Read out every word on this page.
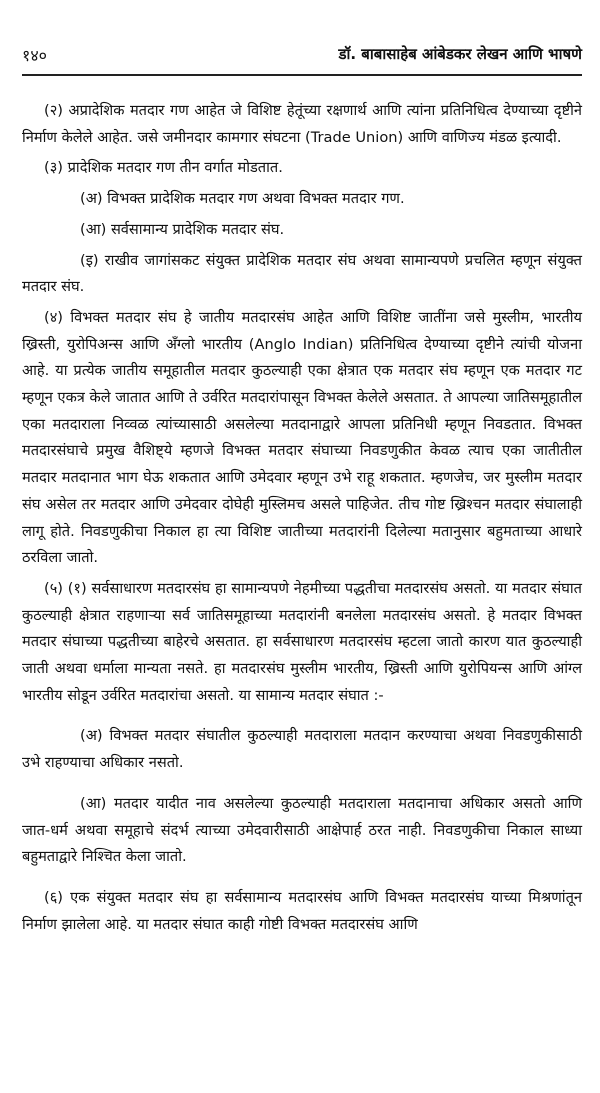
१४०	डॉ. बाबासाहेब आंबेडकर लेखन आणि भाषणे

(२) अप्रादेशिक मतदार गण आहेत जे विशिष्ट हेतूंच्या रक्षणार्थ आणि त्यांना प्रतिनिधित्व देण्याच्या दृष्टीने निर्माण केलेले आहेत. जसे जमीनदार कामगार संघटना (Trade Union) आणि वाणिज्य मंडळ इत्यादी.

(३) प्रादेशिक मतदार गण तीन वर्गात मोडतात.

(अ) विभक्त प्रादेशिक मतदार गण अथवा विभक्त मतदार गण.

(आ) सर्वसामान्य प्रादेशिक मतदार संघ.

(इ) राखीव जागांसकट संयुक्त प्रादेशिक मतदार संघ अथवा सामान्यपणे प्रचलित म्हणून संयुक्त मतदार संघ.

(४) विभक्त मतदार संघ हे जातीय मतदारसंघ आहेत आणि विशिष्ट जातींना जसे मुस्लीम, भारतीय ख्रिस्ती, युरोपिअन्स आणि अँग्लो भारतीय (Anglo Indian) प्रतिनिधित्व देण्याच्या दृष्टीने त्यांची योजना आहे. या प्रत्येक जातीय समूहातील मतदार कुठल्याही एका क्षेत्रात एक मतदार संघ म्हणून एक मतदार गट म्हणून एकत्र केले जातात आणि ते उर्वरित मतदारांपासून विभक्त केलेले असतात. ते आपल्या जातिसमूहातील एका मतदाराला निव्वळ त्यांच्यासाठी असलेल्या मतदानाद्वारे आपला प्रतिनिधी म्हणून निवडतात. विभक्त मतदारसंघाचे प्रमुख वैशिष्ट्ये म्हणजे विभक्त मतदार संघाच्या निवडणुकीत केवळ त्याच एका जातीतील मतदार मतदानात भाग घेऊ शकतात आणि उमेदवार म्हणून उभे राहू शकतात. म्हणजेच, जर मुस्लीम मतदार संघ असेल तर मतदार आणि उमेदवार दोघेही मुस्लिमच असले पाहिजेत. तीच गोष्ट ख्रिश्चन मतदार संघालाही लागू होते. निवडणुकीचा निकाल हा त्या विशिष्ट जातीच्या मतदारांनी दिलेल्या मतानुसार बहुमताच्या आधारे ठरविला जातो.

(५) (१) सर्वसाधारण मतदारसंघ हा सामान्यपणे नेहमीच्या पद्धतीचा मतदारसंघ असतो. या मतदार संघात कुठल्याही क्षेत्रात राहणाऱ्या सर्व जातिसमूहाच्या मतदारांनी बनलेला मतदारसंघ असतो. हे मतदार विभक्त मतदार संघाच्या पद्धतीच्या बाहेरचे असतात. हा सर्वसाधारण मतदारसंघ म्हटला जातो कारण यात कुठल्याही जाती अथवा धर्माला मान्यता नसते. हा मतदारसंघ मुस्लीम भारतीय, ख्रिस्ती आणि युरोपियन्स आणि आंग्ल भारतीय सोडून उर्वरित मतदारांचा असतो. या सामान्य मतदार संघात :-

(अ) विभक्त मतदार संघातील कुठल्याही मतदाराला मतदान करण्याचा अथवा निवडणुकीसाठी उभे राहण्याचा अधिकार नसतो.

(आ) मतदार यादीत नाव असलेल्या कुठल्याही मतदाराला मतदानाचा अधिकार असतो आणि जात-धर्म अथवा समूहाचे संदर्भ त्याच्या उमेदवारीसाठी आक्षेपार्ह ठरत नाही. निवडणुकीचा निकाल साध्या बहुमताद्वारे निश्चित केला जातो.

(६) एक संयुक्त मतदार संघ हा सर्वसामान्य मतदारसंघ आणि विभक्त मतदारसंघ याच्या मिश्रणांतून निर्माण झालेला आहे. या मतदार संघात काही गोष्टी विभक्त मतदारसंघ आणि
